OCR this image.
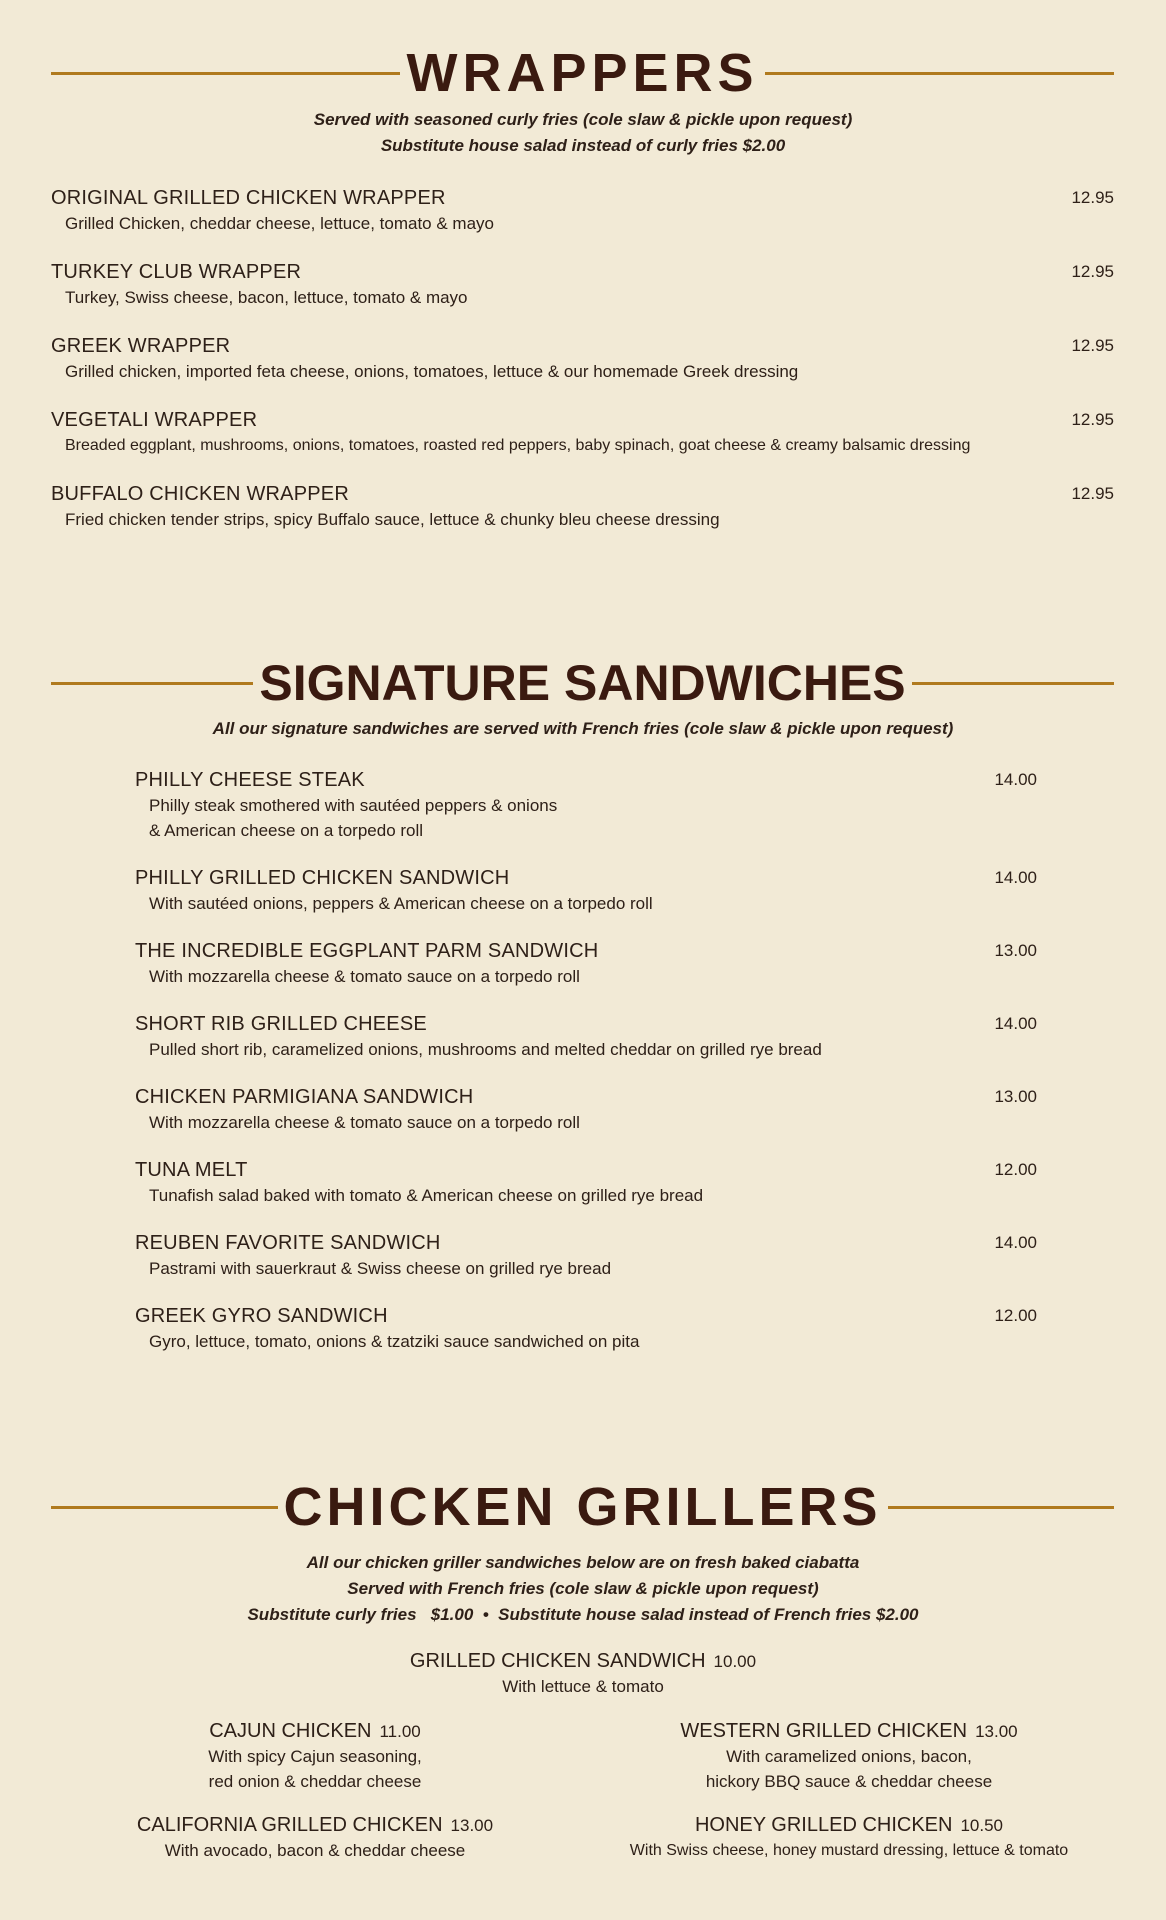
WRAPPERS
Served with seasoned curly fries (cole slaw & pickle upon request)
Substitute house salad instead of curly fries $2.00
ORIGINAL GRILLED CHICKEN WRAPPER	12.95
Grilled Chicken, cheddar cheese, lettuce, tomato & mayo
TURKEY CLUB WRAPPER	12.95
Turkey, Swiss cheese, bacon, lettuce, tomato & mayo
GREEK WRAPPER	12.95
Grilled chicken, imported feta cheese, onions, tomatoes, lettuce & our homemade Greek dressing
VEGETALI WRAPPER	12.95
Breaded eggplant, mushrooms, onions, tomatoes, roasted red peppers, baby spinach, goat cheese & creamy balsamic dressing
BUFFALO CHICKEN WRAPPER	12.95
Fried chicken tender strips, spicy Buffalo sauce, lettuce & chunky bleu cheese dressing
SIGNATURE SANDWICHES
All our signature sandwiches are served with French fries (cole slaw & pickle upon request)
PHILLY CHEESE STEAK	14.00
Philly steak smothered with sautéed peppers & onions
& American cheese on a torpedo roll
PHILLY GRILLED CHICKEN SANDWICH	14.00
With sautéed onions, peppers & American cheese on a torpedo roll
THE INCREDIBLE EGGPLANT PARM SANDWICH	13.00
With mozzarella cheese & tomato sauce on a torpedo roll
SHORT RIB GRILLED CHEESE	14.00
Pulled short rib, caramelized onions, mushrooms and melted cheddar on grilled rye bread
CHICKEN PARMIGIANA SANDWICH	13.00
With mozzarella cheese & tomato sauce on a torpedo roll
TUNA MELT	12.00
Tunafish salad baked with tomato & American cheese on grilled rye bread
REUBEN FAVORITE SANDWICH	14.00
Pastrami with sauerkraut & Swiss cheese on grilled rye bread
GREEK GYRO SANDWICH	12.00
Gyro, lettuce, tomato, onions & tzatziki sauce sandwiched on pita
CHICKEN GRILLERS
All our chicken griller sandwiches below are on fresh baked ciabatta
Served with French fries (cole slaw & pickle upon request)
Substitute curly fries   $1.00  •  Substitute house salad instead of French fries $2.00
GRILLED CHICKEN SANDWICH 10.00
With lettuce & tomato
CAJUN CHICKEN 11.00
With spicy Cajun seasoning,
red onion & cheddar cheese
WESTERN GRILLED CHICKEN 13.00
With caramelized onions, bacon,
hickory BBQ sauce & cheddar cheese
CALIFORNIA GRILLED CHICKEN 13.00
With avocado, bacon & cheddar cheese
HONEY GRILLED CHICKEN 10.50
With Swiss cheese, honey mustard dressing, lettuce & tomato
